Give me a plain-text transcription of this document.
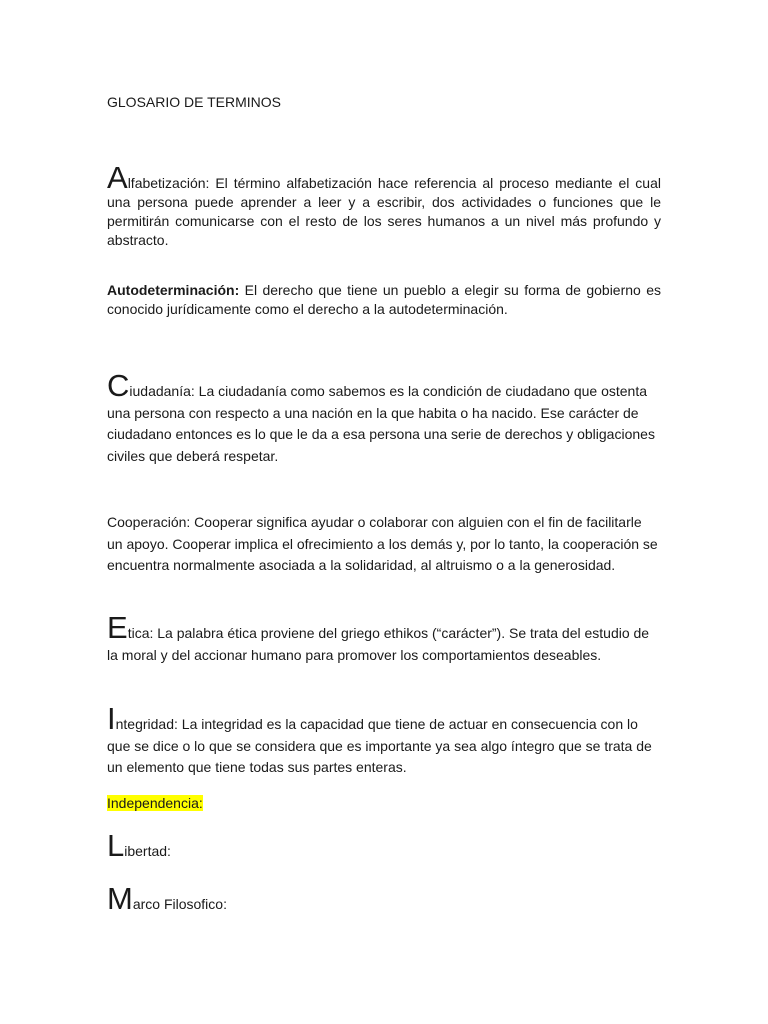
GLOSARIO DE TERMINOS

Alfabetización: El término alfabetización hace referencia al proceso mediante el cual una persona puede aprender a leer y a escribir, dos actividades o funciones que le permitirán comunicarse con el resto de los seres humanos a un nivel más profundo y abstracto.

Autodeterminación: El derecho que tiene un pueblo a elegir su forma de gobierno es conocido jurídicamente como el derecho a la autodeterminación.

Ciudadanía: La ciudadanía como sabemos es la condición de ciudadano que ostenta una persona con respecto a una nación en la que habita o ha nacido. Ese carácter de ciudadano entonces es lo que le da a esa persona una serie de derechos y obligaciones civiles que deberá respetar.

Cooperación: Cooperar significa ayudar o colaborar con alguien con el fin de facilitarle un apoyo. Cooperar implica el ofrecimiento a los demás y, por lo tanto, la cooperación se encuentra normalmente asociada a la solidaridad, al altruismo o a la generosidad.

Etica: La palabra ética proviene del griego ethikos (“carácter”). Se trata del estudio de la moral y del accionar humano para promover los comportamientos deseables.

Integridad: La integridad es la capacidad que tiene de actuar en consecuencia con lo que se dice o lo que se considera que es importante ya sea algo íntegro que se trata de un elemento que tiene todas sus partes enteras.

Independencia:

Libertad:

Marco Filosofico:
